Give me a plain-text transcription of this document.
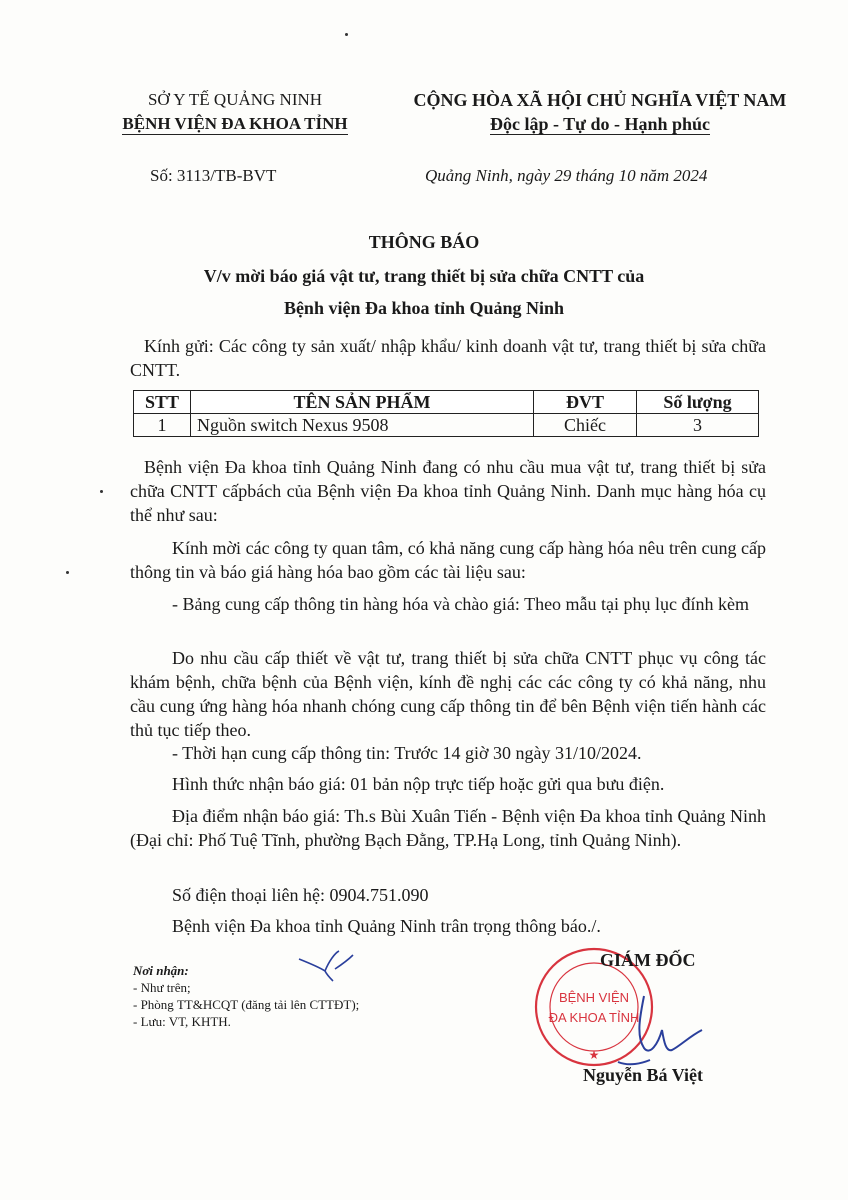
SỞ Y TẾ QUẢNG NINH
BỆNH VIỆN ĐA KHOA TỈNH
CỘNG HÒA XÃ HỘI CHỦ NGHĨA VIỆT NAM
Độc lập - Tự do - Hạnh phúc
Số: 3113/TB-BVT	Quảng Ninh, ngày 29 tháng 10 năm 2024
THÔNG BÁO
V/v mời báo giá vật tư, trang thiết bị sửa chữa CNTT của
Bệnh viện Đa khoa tỉnh Quảng Ninh
Kính gửi: Các công ty sản xuất/ nhập khẩu/ kinh doanh vật tư, trang thiết bị sửa chữa CNTT.
STT	TÊN SẢN PHẨM	ĐVT	Số lượng
1	Nguồn switch Nexus 9508	Chiếc	3
Bệnh viện Đa khoa tỉnh Quảng Ninh đang có nhu cầu mua vật tư, trang thiết bị sửa chữa CNTT cấpbách của Bệnh viện Đa khoa tỉnh Quảng Ninh. Danh mục hàng hóa cụ thể như sau:
Kính mời các công ty quan tâm, có khả năng cung cấp hàng hóa nêu trên cung cấp thông tin và báo giá hàng hóa bao gồm các tài liệu sau:
- Bảng cung cấp thông tin hàng hóa và chào giá: Theo mẫu tại phụ lục đính kèm
Do nhu cầu cấp thiết về vật tư, trang thiết bị sửa chữa CNTT phục vụ công tác khám bệnh, chữa bệnh của Bệnh viện, kính đề nghị các các công ty có khả năng, nhu cầu cung ứng hàng hóa nhanh chóng cung cấp thông tin để bên Bệnh viện tiến hành các thủ tục tiếp theo.
- Thời hạn cung cấp thông tin: Trước 14 giờ 30 ngày 31/10/2024.
Hình thức nhận báo giá: 01 bản nộp trực tiếp hoặc gửi qua bưu điện.
Địa điểm nhận báo giá: Th.s Bùi Xuân Tiến - Bệnh viện Đa khoa tỉnh Quảng Ninh (Đại chỉ: Phố Tuệ Tĩnh, phường Bạch Đằng, TP.Hạ Long, tỉnh Quảng Ninh).
Số điện thoại liên hệ: 0904.751.090
Bệnh viện Đa khoa tỉnh Quảng Ninh trân trọng thông báo./.
Nơi nhận:
- Như trên;
- Phòng TT&HCQT (đăng tải lên CTTĐT);
- Lưu: VT, KHTH.
BỆNH VIỆN
ĐA KHOA TỈNH
★
GIÁM ĐỐC
Nguyễn Bá Việt
